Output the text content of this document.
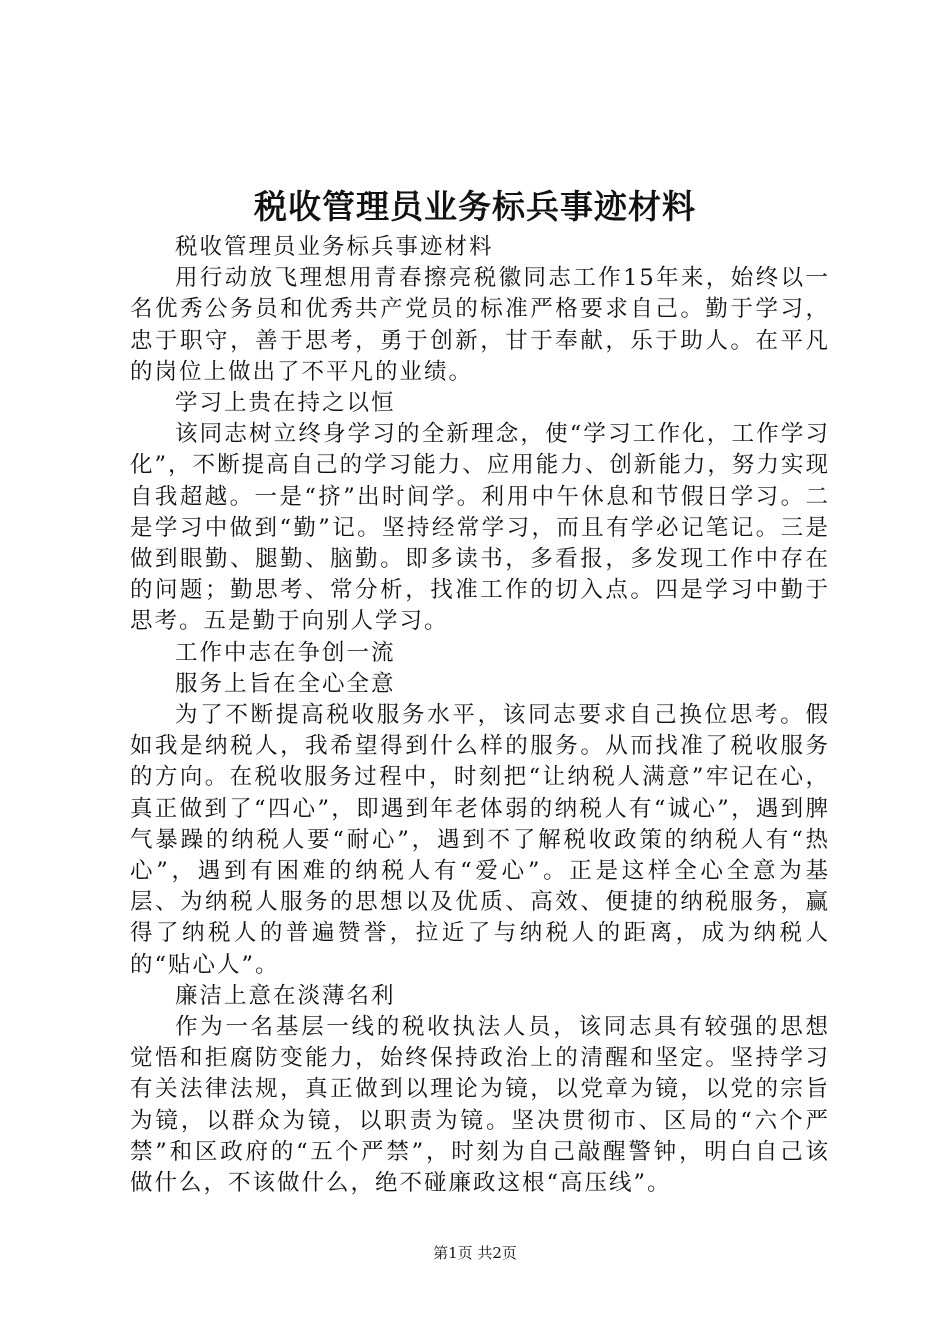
税收管理员业务标兵事迹材料

税收管理员业务标兵事迹材料

用行动放飞理想用青春擦亮税徽同志工作15年来，始终以一名优秀公务员和优秀共产党员的标准严格要求自己。勤于学习，忠于职守，善于思考，勇于创新，甘于奉献，乐于助人。在平凡的岗位上做出了不平凡的业绩。

学习上贵在持之以恒

该同志树立终身学习的全新理念，使“学习工作化，工作学习化”，不断提高自己的学习能力、应用能力、创新能力，努力实现自我超越。一是“挤”出时间学。利用中午休息和节假日学习。二是学习中做到“勤”记。坚持经常学习，而且有学必记笔记。三是做到眼勤、腿勤、脑勤。即多读书，多看报，多发现工作中存在的问题；勤思考、常分析，找准工作的切入点。四是学习中勤于思考。五是勤于向别人学习。

工作中志在争创一流

服务上旨在全心全意

为了不断提高税收服务水平，该同志要求自己换位思考。假如我是纳税人，我希望得到什么样的服务。从而找准了税收服务的方向。在税收服务过程中，时刻把“让纳税人满意”牢记在心，真正做到了“四心”，即遇到年老体弱的纳税人有“诚心”，遇到脾气暴躁的纳税人要“耐心”，遇到不了解税收政策的纳税人有“热心”，遇到有困难的纳税人有“爱心”。正是这样全心全意为基层、为纳税人服务的思想以及优质、高效、便捷的纳税服务，赢得了纳税人的普遍赞誉，拉近了与纳税人的距离，成为纳税人的“贴心人”。

廉洁上意在淡薄名利

作为一名基层一线的税收执法人员，该同志具有较强的思想觉悟和拒腐防变能力，始终保持政治上的清醒和坚定。坚持学习有关法律法规，真正做到以理论为镜，以党章为镜，以党的宗旨为镜，以群众为镜，以职责为镜。坚决贯彻市、区局的“六个严禁”和区政府的“五个严禁”，时刻为自己敲醒警钟，明白自己该做什么，不该做什么，绝不碰廉政这根“高压线”。

第1页 共2页
